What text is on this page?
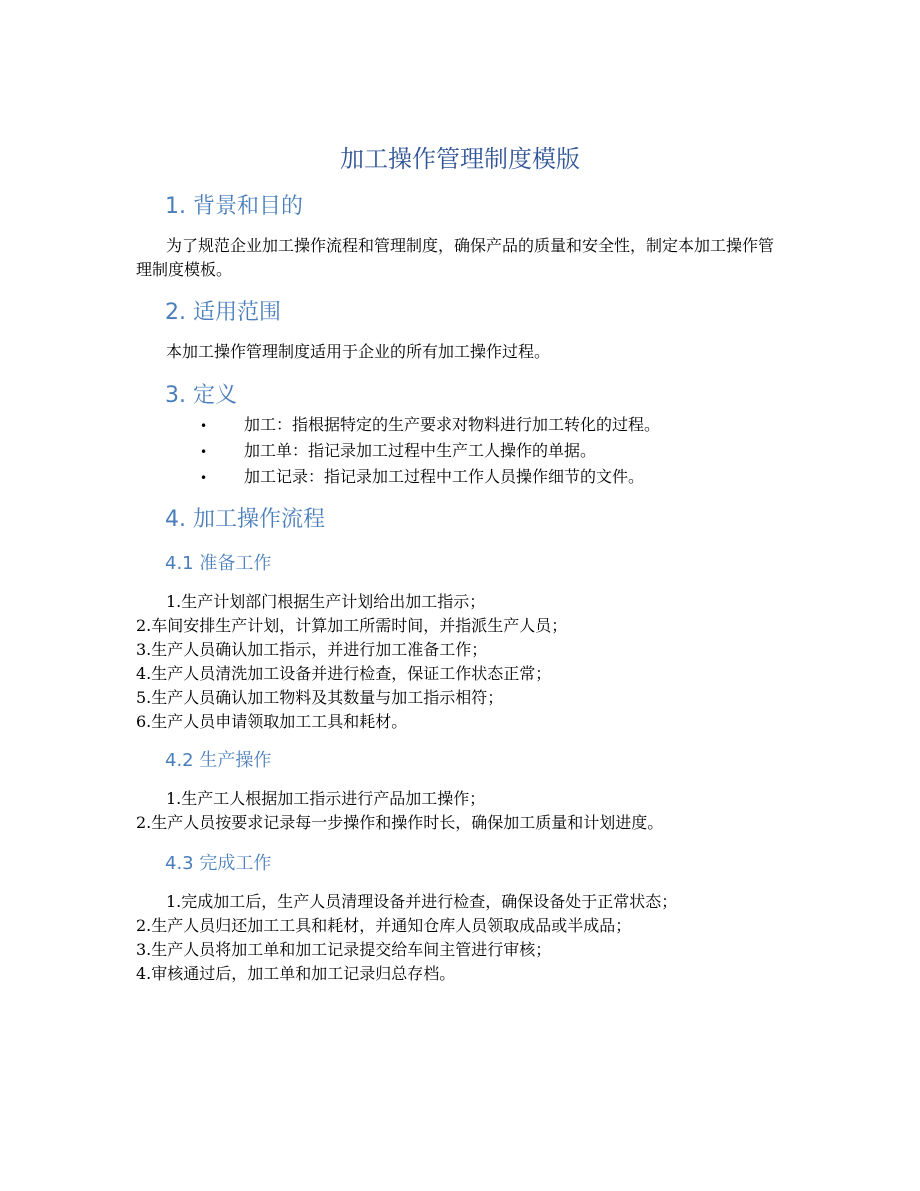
加工操作管理制度模版
1. 背景和目的
为了规范企业加工操作流程和管理制度，确保产品的质量和安全性，制定本加工操作管理制度模板。
2. 适用范围
本加工操作管理制度适用于企业的所有加工操作过程。
3. 定义
• 加工：指根据特定的生产要求对物料进行加工转化的过程。
• 加工单：指记录加工过程中生产工人操作的单据。
• 加工记录：指记录加工过程中工作人员操作细节的文件。
4. 加工操作流程
4.1 准备工作
1.生产计划部门根据生产计划给出加工指示；
2.车间安排生产计划，计算加工所需时间，并指派生产人员；
3.生产人员确认加工指示，并进行加工准备工作；
4.生产人员清洗加工设备并进行检查，保证工作状态正常；
5.生产人员确认加工物料及其数量与加工指示相符；
6.生产人员申请领取加工工具和耗材。
4.2 生产操作
1.生产工人根据加工指示进行产品加工操作；
2.生产人员按要求记录每一步操作和操作时长，确保加工质量和计划进度。
4.3 完成工作
1.完成加工后，生产人员清理设备并进行检查，确保设备处于正常状态；
2.生产人员归还加工工具和耗材，并通知仓库人员领取成品或半成品；
3.生产人员将加工单和加工记录提交给车间主管进行审核；
4.审核通过后，加工单和加工记录归总存档。
